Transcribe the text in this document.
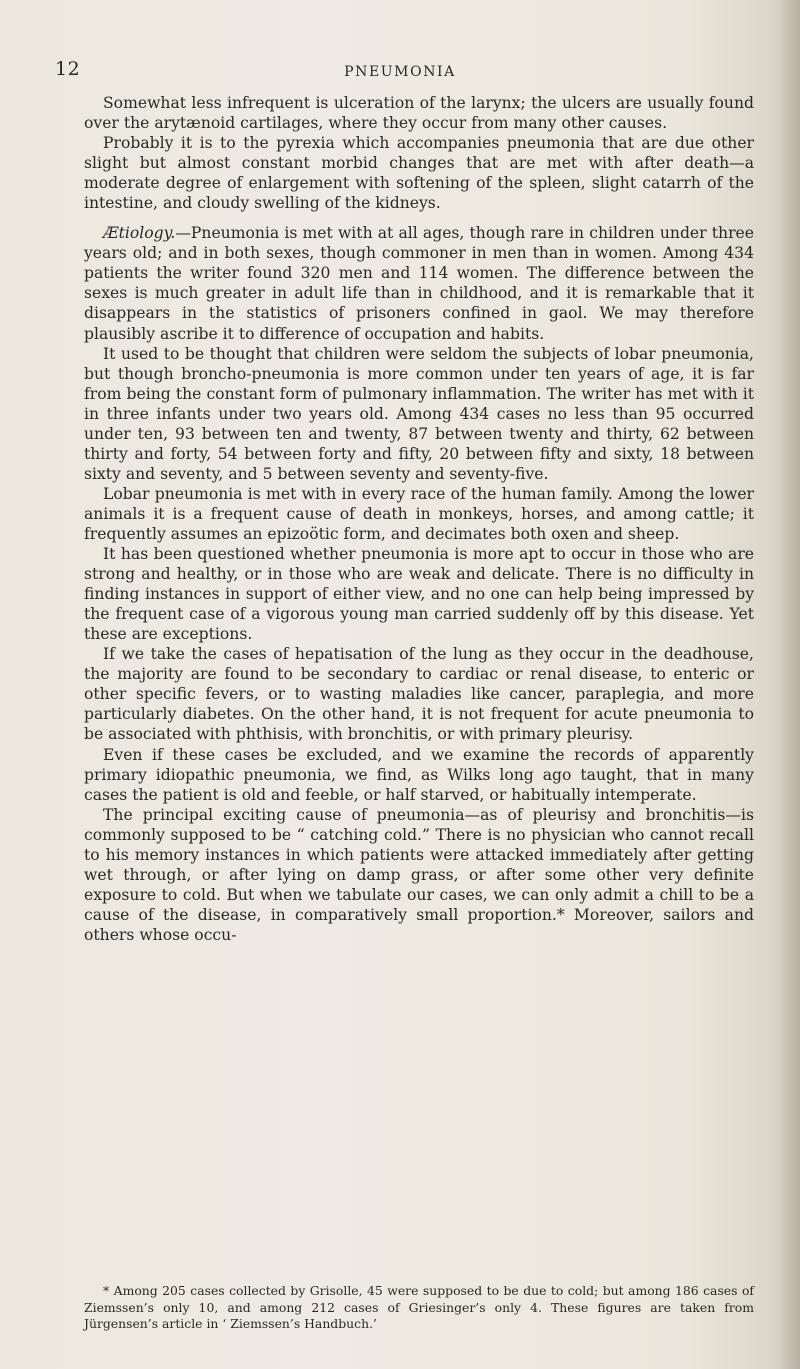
12	PNEUMONIA

Somewhat less infrequent is ulceration of the larynx; the ulcers are usually found over the arytænoid cartilages, where they occur from many other causes.

Probably it is to the pyrexia which accompanies pneumonia that are due other slight but almost constant morbid changes that are met with after death—a moderate degree of enlargement with softening of the spleen, slight catarrh of the intestine, and cloudy swelling of the kidneys.

Ætiology.—Pneumonia is met with at all ages, though rare in children under three years old; and in both sexes, though commoner in men than in women. Among 434 patients the writer found 320 men and 114 women. The difference between the sexes is much greater in adult life than in childhood, and it is remarkable that it disappears in the statistics of prisoners confined in gaol. We may therefore plausibly ascribe it to difference of occupation and habits.

It used to be thought that children were seldom the subjects of lobar pneumonia, but though broncho-pneumonia is more common under ten years of age, it is far from being the constant form of pulmonary inflammation. The writer has met with it in three infants under two years old. Among 434 cases no less than 95 occurred under ten, 93 between ten and twenty, 87 between twenty and thirty, 62 between thirty and forty, 54 between forty and fifty, 20 between fifty and sixty, 18 between sixty and seventy, and 5 between seventy and seventy-five.

Lobar pneumonia is met with in every race of the human family. Among the lower animals it is a frequent cause of death in monkeys, horses, and among cattle; it frequently assumes an epizoötic form, and decimates both oxen and sheep.

It has been questioned whether pneumonia is more apt to occur in those who are strong and healthy, or in those who are weak and delicate. There is no difficulty in finding instances in support of either view, and no one can help being impressed by the frequent case of a vigorous young man carried suddenly off by this disease. Yet these are exceptions.

If we take the cases of hepatisation of the lung as they occur in the deadhouse, the majority are found to be secondary to cardiac or renal disease, to enteric or other specific fevers, or to wasting maladies like cancer, paraplegia, and more particularly diabetes. On the other hand, it is not frequent for acute pneumonia to be associated with phthisis, with bronchitis, or with primary pleurisy.

Even if these cases be excluded, and we examine the records of apparently primary idiopathic pneumonia, we find, as Wilks long ago taught, that in many cases the patient is old and feeble, or half starved, or habitually intemperate.

The principal exciting cause of pneumonia—as of pleurisy and bronchitis—is commonly supposed to be “ catching cold.” There is no physician who cannot recall to his memory instances in which patients were attacked immediately after getting wet through, or after lying on damp grass, or after some other very definite exposure to cold. But when we tabulate our cases, we can only admit a chill to be a cause of the disease, in comparatively small proportion.* Moreover, sailors and others whose occu-

* Among 205 cases collected by Grisolle, 45 were supposed to be due to cold; but among 186 cases of Ziemssen’s only 10, and among 212 cases of Griesinger’s only 4. These figures are taken from Jürgensen’s article in ‘ Ziemssen’s Handbuch.’
